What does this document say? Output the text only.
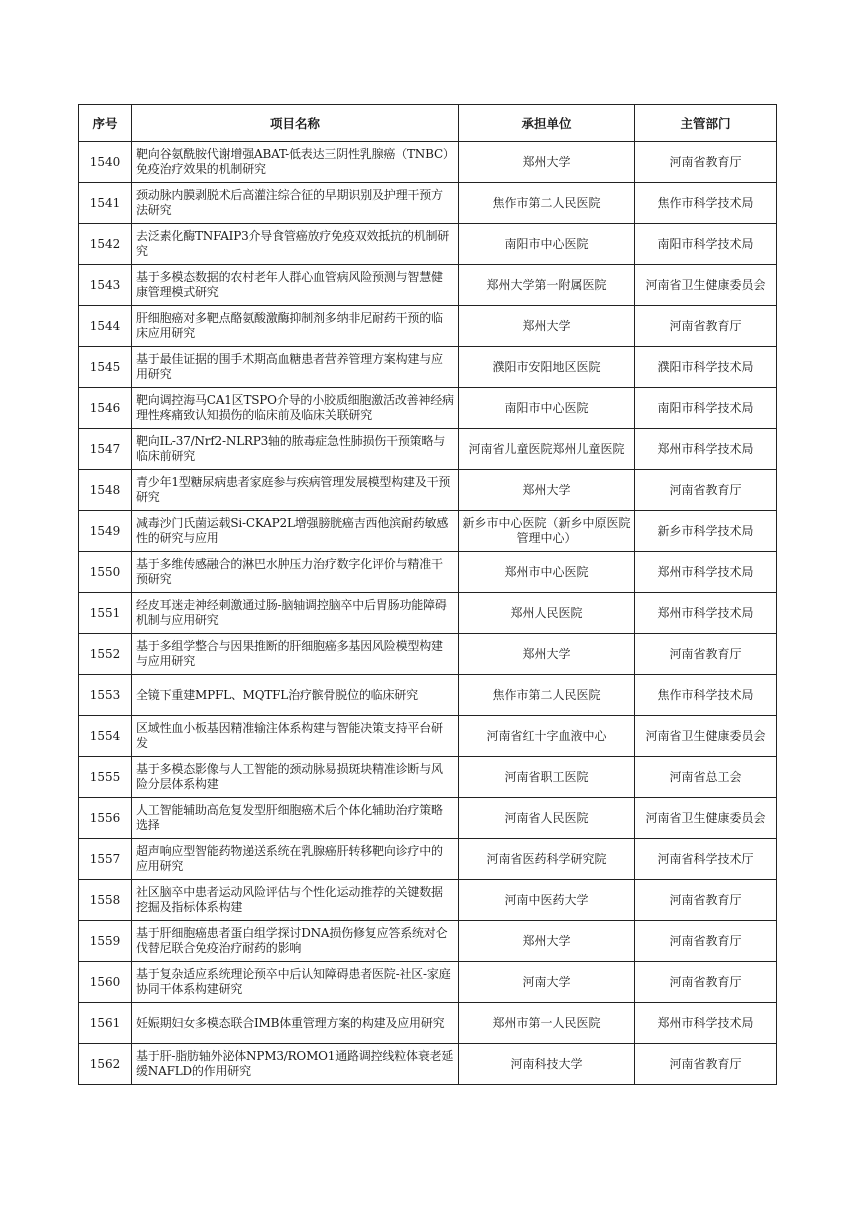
序号	项目名称	承担单位	主管部门
1540	靶向谷氨酰胺代谢增强ABAT-低表达三阴性乳腺癌（TNBC）免疫治疗效果的机制研究	郑州大学	河南省教育厅
1541	颈动脉内膜剥脱术后高灌注综合征的早期识别及护理干预方法研究	焦作市第二人民医院	焦作市科学技术局
1542	去泛素化酶TNFAIP3介导食管癌放疗免疫双效抵抗的机制研究	南阳市中心医院	南阳市科学技术局
1543	基于多模态数据的农村老年人群心血管病风险预测与智慧健康管理模式研究	郑州大学第一附属医院	河南省卫生健康委员会
1544	肝细胞癌对多靶点酪氨酸激酶抑制剂多纳非尼耐药干预的临床应用研究	郑州大学	河南省教育厅
1545	基于最佳证据的围手术期高血糖患者营养管理方案构建与应用研究	濮阳市安阳地区医院	濮阳市科学技术局
1546	靶向调控海马CA1区TSPO介导的小胶质细胞激活改善神经病理性疼痛致认知损伤的临床前及临床关联研究	南阳市中心医院	南阳市科学技术局
1547	靶向IL-37/Nrf2-NLRP3轴的脓毒症急性肺损伤干预策略与临床前研究	河南省儿童医院郑州儿童医院	郑州市科学技术局
1548	青少年1型糖尿病患者家庭参与疾病管理发展模型构建及干预研究	郑州大学	河南省教育厅
1549	减毒沙门氏菌运载Si-CKAP2L增强膀胱癌吉西他滨耐药敏感性的研究与应用	新乡市中心医院（新乡中原医院管理中心）	新乡市科学技术局
1550	基于多维传感融合的淋巴水肿压力治疗数字化评价与精准干预研究	郑州市中心医院	郑州市科学技术局
1551	经皮耳迷走神经刺激通过肠-脑轴调控脑卒中后胃肠功能障碍机制与应用研究	郑州人民医院	郑州市科学技术局
1552	基于多组学整合与因果推断的肝细胞癌多基因风险模型构建与应用研究	郑州大学	河南省教育厅
1553	全镜下重建MPFL、MQTFL治疗髌骨脱位的临床研究	焦作市第二人民医院	焦作市科学技术局
1554	区域性血小板基因精准输注体系构建与智能决策支持平台研发	河南省红十字血液中心	河南省卫生健康委员会
1555	基于多模态影像与人工智能的颈动脉易损斑块精准诊断与风险分层体系构建	河南省职工医院	河南省总工会
1556	人工智能辅助高危复发型肝细胞癌术后个体化辅助治疗策略选择	河南省人民医院	河南省卫生健康委员会
1557	超声响应型智能药物递送系统在乳腺癌肝转移靶向诊疗中的应用研究	河南省医药科学研究院	河南省科学技术厅
1558	社区脑卒中患者运动风险评估与个性化运动推荐的关键数据挖掘及指标体系构建	河南中医药大学	河南省教育厅
1559	基于肝细胞癌患者蛋白组学探讨DNA损伤修复应答系统对仑伐替尼联合免疫治疗耐药的影响	郑州大学	河南省教育厅
1560	基于复杂适应系统理论预卒中后认知障碍患者医院-社区-家庭协同干体系构建研究	河南大学	河南省教育厅
1561	妊娠期妇女多模态联合IMB体重管理方案的构建及应用研究	郑州市第一人民医院	郑州市科学技术局
1562	基于肝-脂肪轴外泌体NPM3/ROMO1通路调控线粒体衰老延缓NAFLD的作用研究	河南科技大学	河南省教育厅
